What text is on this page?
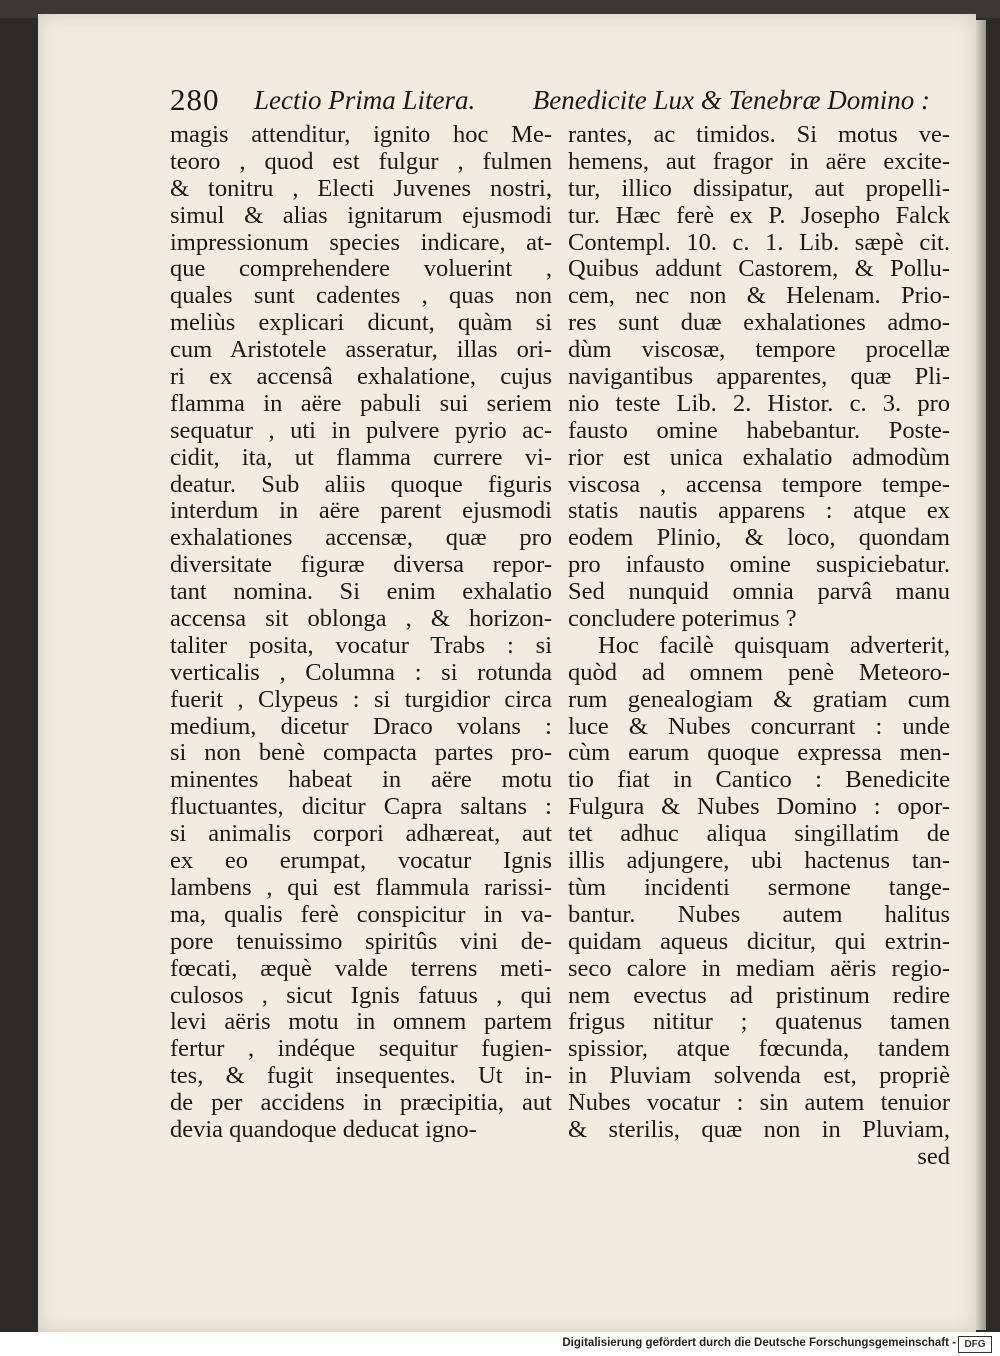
280 Lectio Prima Litera. Benedicite Lux & Tenebræ Domino :
magis attenditur, ignito hoc Me-
teoro , quod est fulgur , fulmen
& tonitru , Electi Juvenes nostri,
simul & alias ignitarum ejusmodi
impressionum species indicare, at-
que comprehendere voluerint ,
quales sunt cadentes , quas non
meliùs explicari dicunt, quàm si
cum Aristotele asseratur, illas ori-
ri ex accensâ exhalatione, cujus
flamma in aëre pabuli sui seriem
sequatur , uti in pulvere pyrio ac-
cidit, ita, ut flamma currere vi-
deatur. Sub aliis quoque figuris
interdum in aëre parent ejusmodi
exhalationes accensæ, quæ pro
diversitate figuræ diversa repor-
tant nomina. Si enim exhalatio
accensa sit oblonga , & horizon-
taliter posita, vocatur Trabs : si
verticalis , Columna : si rotunda
fuerit , Clypeus : si turgidior circa
medium, dicetur Draco volans :
si non benè compacta partes pro-
minentes habeat in aëre motu
fluctuantes, dicitur Capra saltans :
si animalis corpori adhæreat, aut
ex eo erumpat, vocatur Ignis
lambens , qui est flammula rarissi-
ma, qualis ferè conspicitur in va-
pore tenuissimo spiritûs vini de-
fœcati, æquè valde terrens meti-
culosos , sicut Ignis fatuus , qui
levi aëris motu in omnem partem
fertur , indéque sequitur fugien-
tes, & fugit insequentes. Ut in-
de per accidens in præcipitia, aut
devia quandoque deducat igno-
rantes, ac timidos. Si motus ve-
hemens, aut fragor in aëre excite-
tur, illico dissipatur, aut propelli-
tur. Hæc ferè ex P. Josepho Falck
Contempl. 10. c. 1. Lib. sæpè cit.
Quibus addunt Castorem, & Pollu-
cem, nec non & Helenam. Prio-
res sunt duæ exhalationes admo-
dùm viscosæ, tempore procellæ
navigantibus apparentes, quæ Pli-
nio teste Lib. 2. Histor. c. 3. pro
fausto omine habebantur. Poste-
rior est unica exhalatio admodùm
viscosa , accensa tempore tempe-
statis nautis apparens : atque ex
eodem Plinio, & loco, quondam
pro infausto omine suspiciebatur.
Sed nunquid omnia parvâ manu
concludere poterimus ?
Hoc facilè quisquam adverterit,
quòd ad omnem penè Meteoro-
rum genealogiam & gratiam cum
luce & Nubes concurrant : unde
cùm earum quoque expressa men-
tio fiat in Cantico : Benedicite
Fulgura & Nubes Domino : opor-
tet adhuc aliqua singillatim de
illis adjungere, ubi hactenus tan-
tùm incidenti sermone tange-
bantur. Nubes autem halitus
quidam aqueus dicitur, qui extrin-
seco calore in mediam aëris regio-
nem evectus ad pristinum redire
frigus nititur ; quatenus tamen
spissior, atque fœcunda, tandem
in Pluviam solvenda est, propriè
Nubes vocatur : sin autem tenuior
& sterilis, quæ non in Pluviam,
sed
Digitalisierung gefördert durch die Deutsche Forschungsgemeinschaft - DFG
